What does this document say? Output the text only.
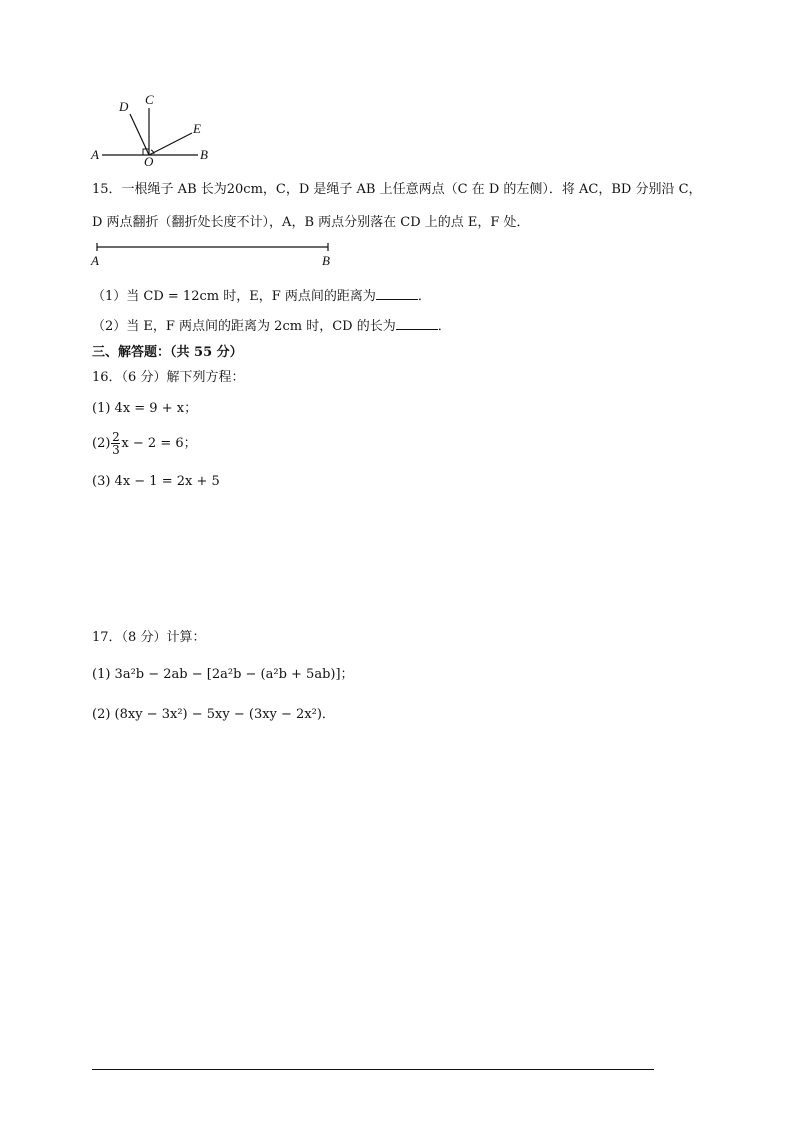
A	B
C
D
E
O
15．一根绳子 AB 长为20cm，C，D 是绳子 AB 上任意两点（C 在 D 的左侧）．将 AC，BD 分别沿 C，
D 两点翻折（翻折处长度不计），A，B 两点分别落在 CD 上的点 E，F 处．
A	B
（1）当 CD = 12cm 时，E，F 两点间的距离为	．
（2）当 E，F 两点间的距离为 2cm 时，CD 的长为	．
三、解答题：（共 55 分）
16．（6 分）解下列方程：
(1) 4x = 9 + x；
$(2) \frac{2}{3}$ x − 2 = 6；
(3) 4x − 1 = 2x + 5
17．（8 分）计算：
(1) 3a²b − 2ab − [2a²b − (a²b + 5ab)]；
(2) (8xy − 3x²) − 5xy − (3xy − 2x²)．
